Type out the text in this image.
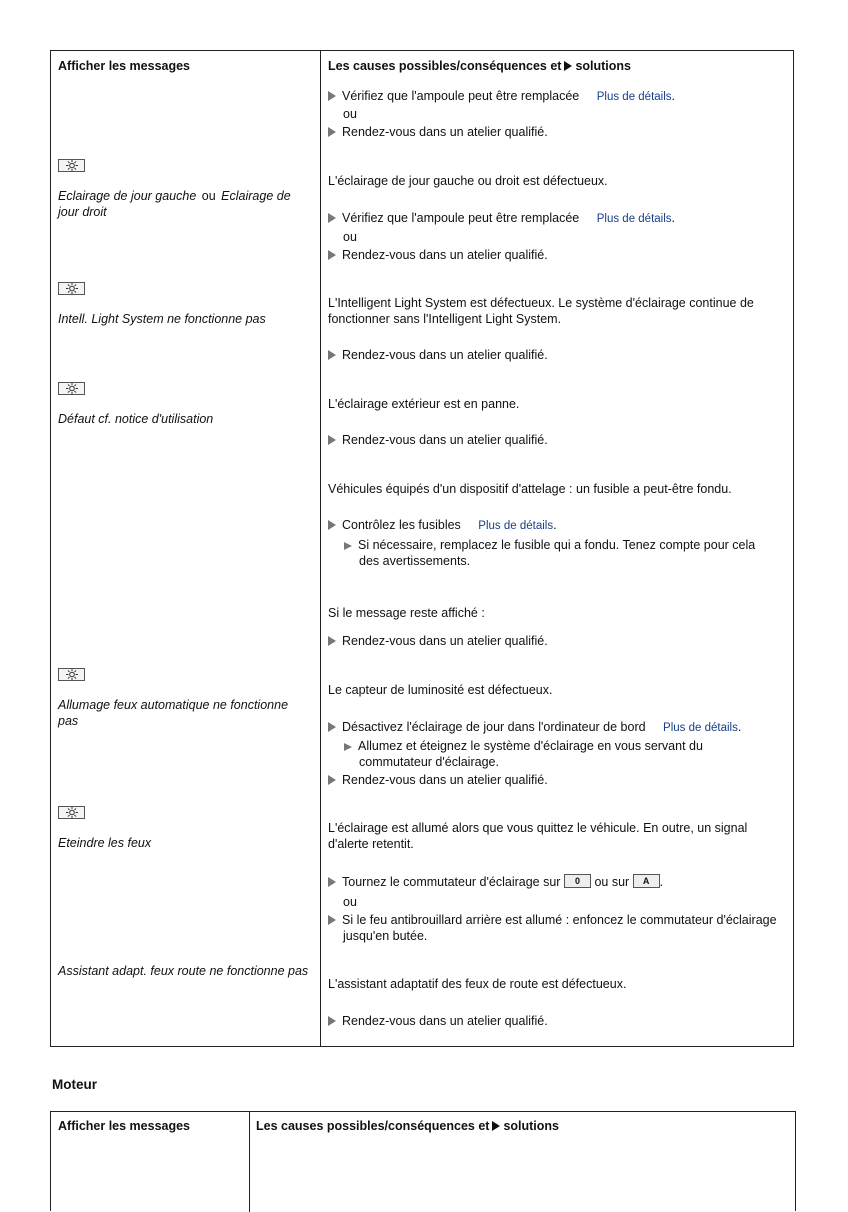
Afficher les messages	Les causes possibles/conséquences et solutions
Vérifiez que l'ampoule peut être remplacée Plus de détails.
ou
Rendez-vous dans un atelier qualifié.
Eclairage de jour gauche ou Eclairage de
jour droit
L'éclairage de jour gauche ou droit est défectueux.
Vérifiez que l'ampoule peut être remplacée Plus de détails.
ou
Rendez-vous dans un atelier qualifié.
Intell. Light System ne fonctionne pas
L'Intelligent Light System est défectueux. Le système d'éclairage continue de
fonctionner sans l'Intelligent Light System.
Rendez-vous dans un atelier qualifié.
Défaut cf. notice d'utilisation
L'éclairage extérieur est en panne.
Rendez-vous dans un atelier qualifié.
Véhicules équipés d'un dispositif d'attelage : un fusible a peut-être fondu.
Contrôlez les fusibles Plus de détails.
Si nécessaire, remplacez le fusible qui a fondu. Tenez compte pour cela
des avertissements.
Si le message reste affiché :
Rendez-vous dans un atelier qualifié.
Allumage feux automatique ne fonctionne
pas
Le capteur de luminosité est défectueux.
Désactivez l'éclairage de jour dans l'ordinateur de bord Plus de détails.
Allumez et éteignez le système d'éclairage en vous servant du
commutateur d'éclairage.
Rendez-vous dans un atelier qualifié.
Eteindre les feux
L'éclairage est allumé alors que vous quittez le véhicule. En outre, un signal
d'alerte retentit.
Tournez le commutateur d'éclairage sur 0 ou sur A .
ou
Si le feu antibrouillard arrière est allumé : enfoncez le commutateur d'éclairage
jusqu'en butée.
Assistant adapt. feux route ne fonctionne pas
L'assistant adaptatif des feux de route est défectueux.
Rendez-vous dans un atelier qualifié.
Moteur
Afficher les messages	Les causes possibles/conséquences et solutions
